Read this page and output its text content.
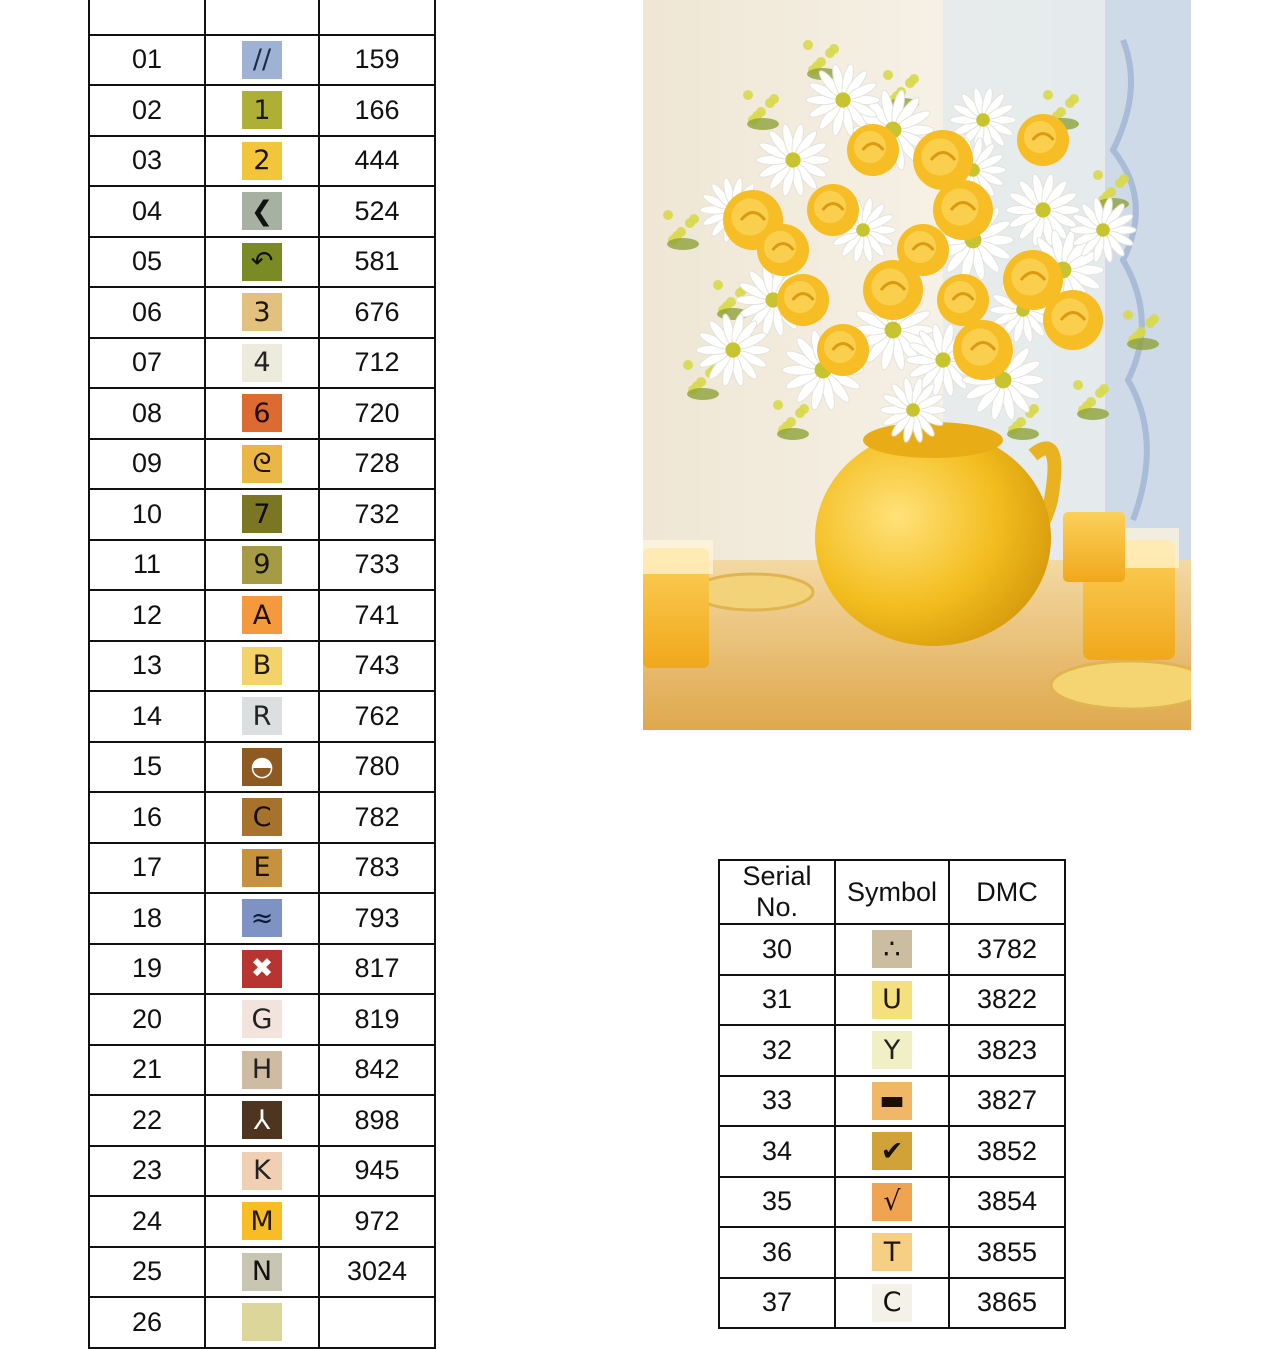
01	//	159
02	1	166
03	2	444
04	❮	524
05	↶	581
06	3	676
07	4	712
08	6	720
09	ᘓ	728
10	7	732
11	9	733
12	A	741
13	B	743
14	R	762
15	◓	780
16	C	782
17	E	783
18	≈	793
19	✖	817
20	G	819
21	H	842
22	⅄	898
23	K	945
24	M	972
25	N	3024
26		
Serial No.	Symbol	DMC
30	∴	3782
31	U	3822
32	Y	3823
33	▬	3827
34	✔	3852
35	√	3854
36	T	3855
37	C	3865
